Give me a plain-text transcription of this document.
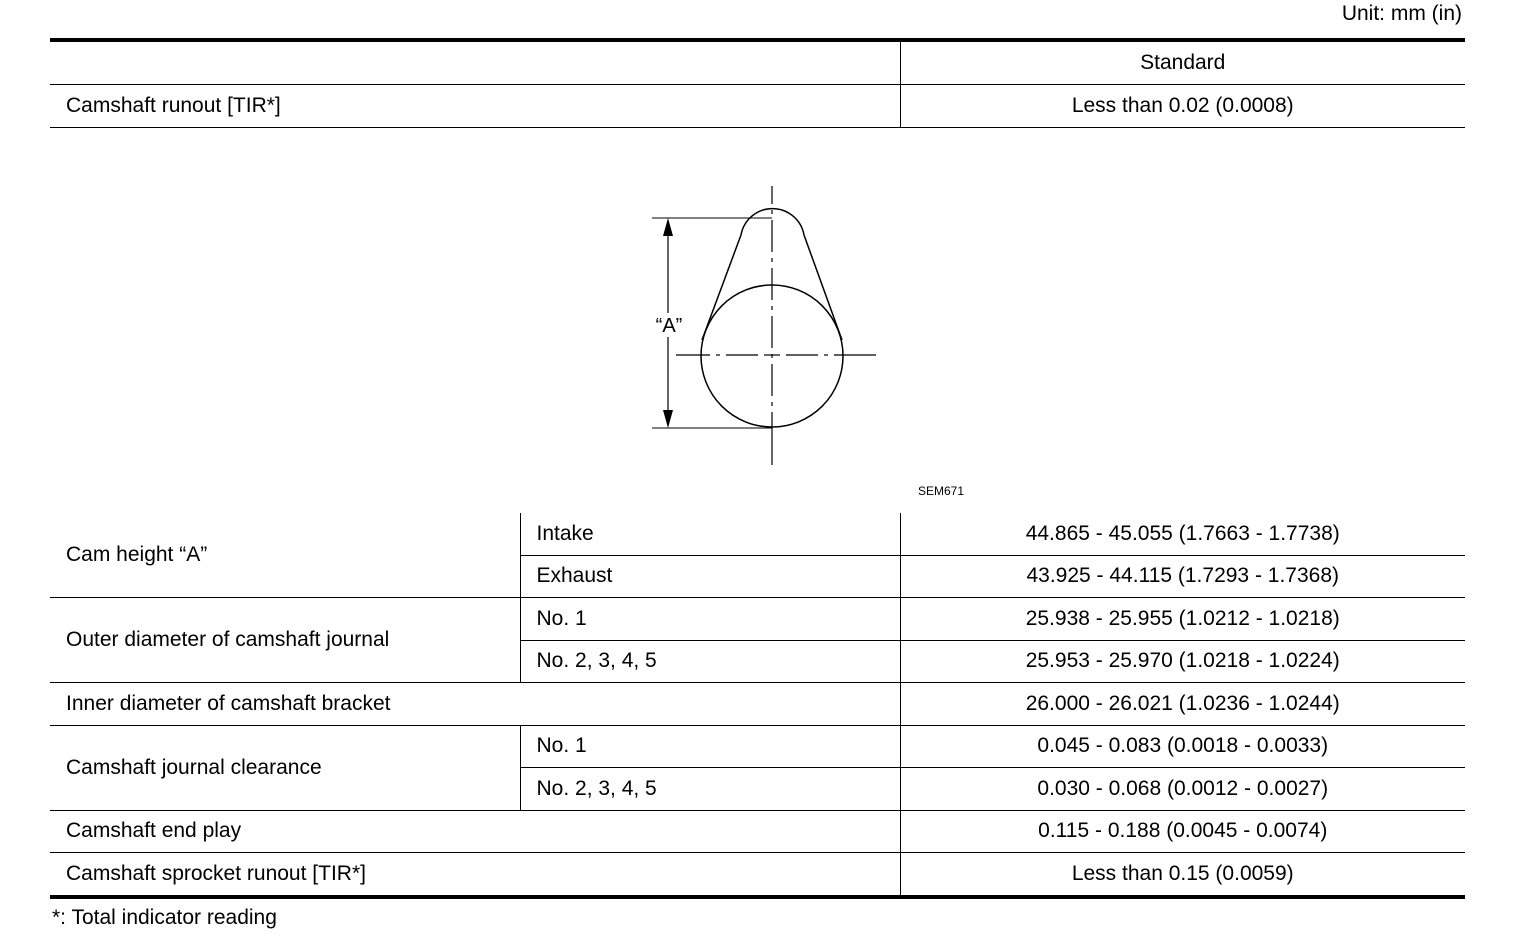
Unit: mm (in)
	Standard
Camshaft runout [TIR*]	Less than 0.02 (0.0008)
“A”
SEM671
Cam height “A”	Intake	44.865 - 45.055 (1.7663 - 1.7738)
	Exhaust	43.925 - 44.115 (1.7293 - 1.7368)
Outer diameter of camshaft journal	No. 1	25.938 - 25.955 (1.0212 - 1.0218)
	No. 2, 3, 4, 5	25.953 - 25.970 (1.0218 - 1.0224)
Inner diameter of camshaft bracket		26.000 - 26.021 (1.0236 - 1.0244)
Camshaft journal clearance	No. 1	0.045 - 0.083 (0.0018 - 0.0033)
	No. 2, 3, 4, 5	0.030 - 0.068 (0.0012 - 0.0027)
Camshaft end play		0.115 - 0.188 (0.0045 - 0.0074)
Camshaft sprocket runout [TIR*]		Less than 0.15 (0.0059)
*: Total indicator reading
